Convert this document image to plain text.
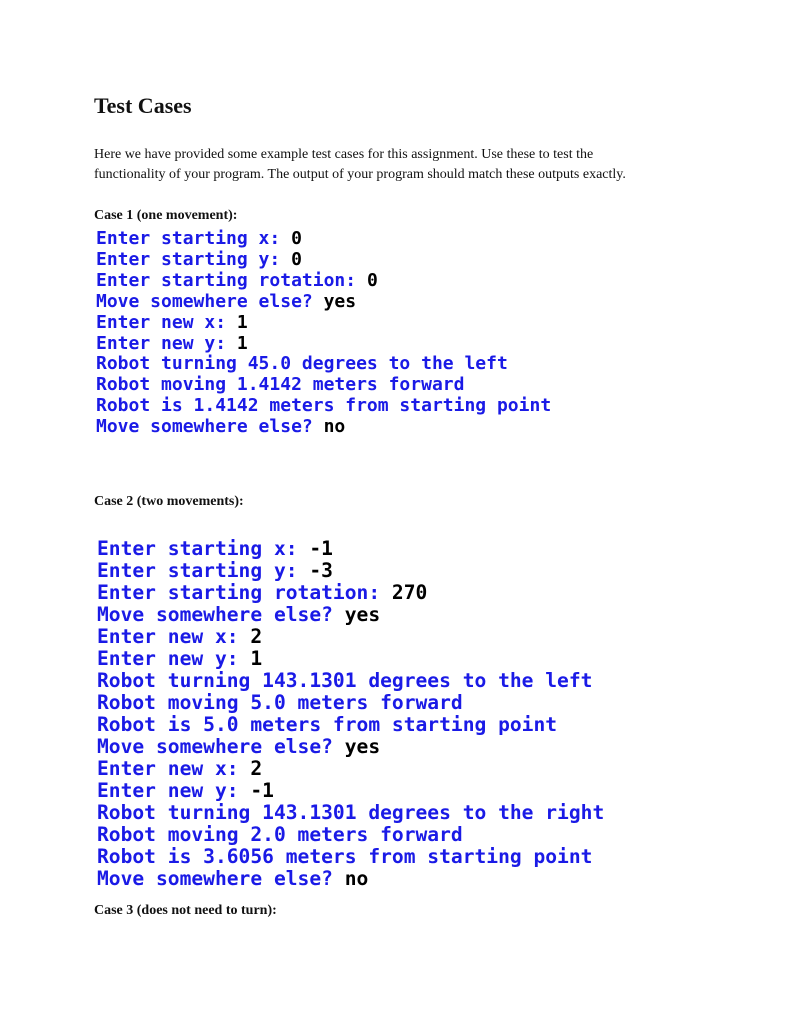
Test Cases

Here we have provided some example test cases for this assignment. Use these to test the
functionality of your program. The output of your program should match these outputs exactly.

Case 1 (one movement):
Enter starting x: 0
Enter starting y: 0
Enter starting rotation: 0
Move somewhere else? yes
Enter new x: 1
Enter new y: 1
Robot turning 45.0 degrees to the left
Robot moving 1.4142 meters forward
Robot is 1.4142 meters from starting point
Move somewhere else? no
Case 2 (two movements):
Enter starting x: -1
Enter starting y: -3
Enter starting rotation: 270
Move somewhere else? yes
Enter new x: 2
Enter new y: 1
Robot turning 143.1301 degrees to the left
Robot moving 5.0 meters forward
Robot is 5.0 meters from starting point
Move somewhere else? yes
Enter new x: 2
Enter new y: -1
Robot turning 143.1301 degrees to the right
Robot moving 2.0 meters forward
Robot is 3.6056 meters from starting point
Move somewhere else? no
Case 3 (does not need to turn):
